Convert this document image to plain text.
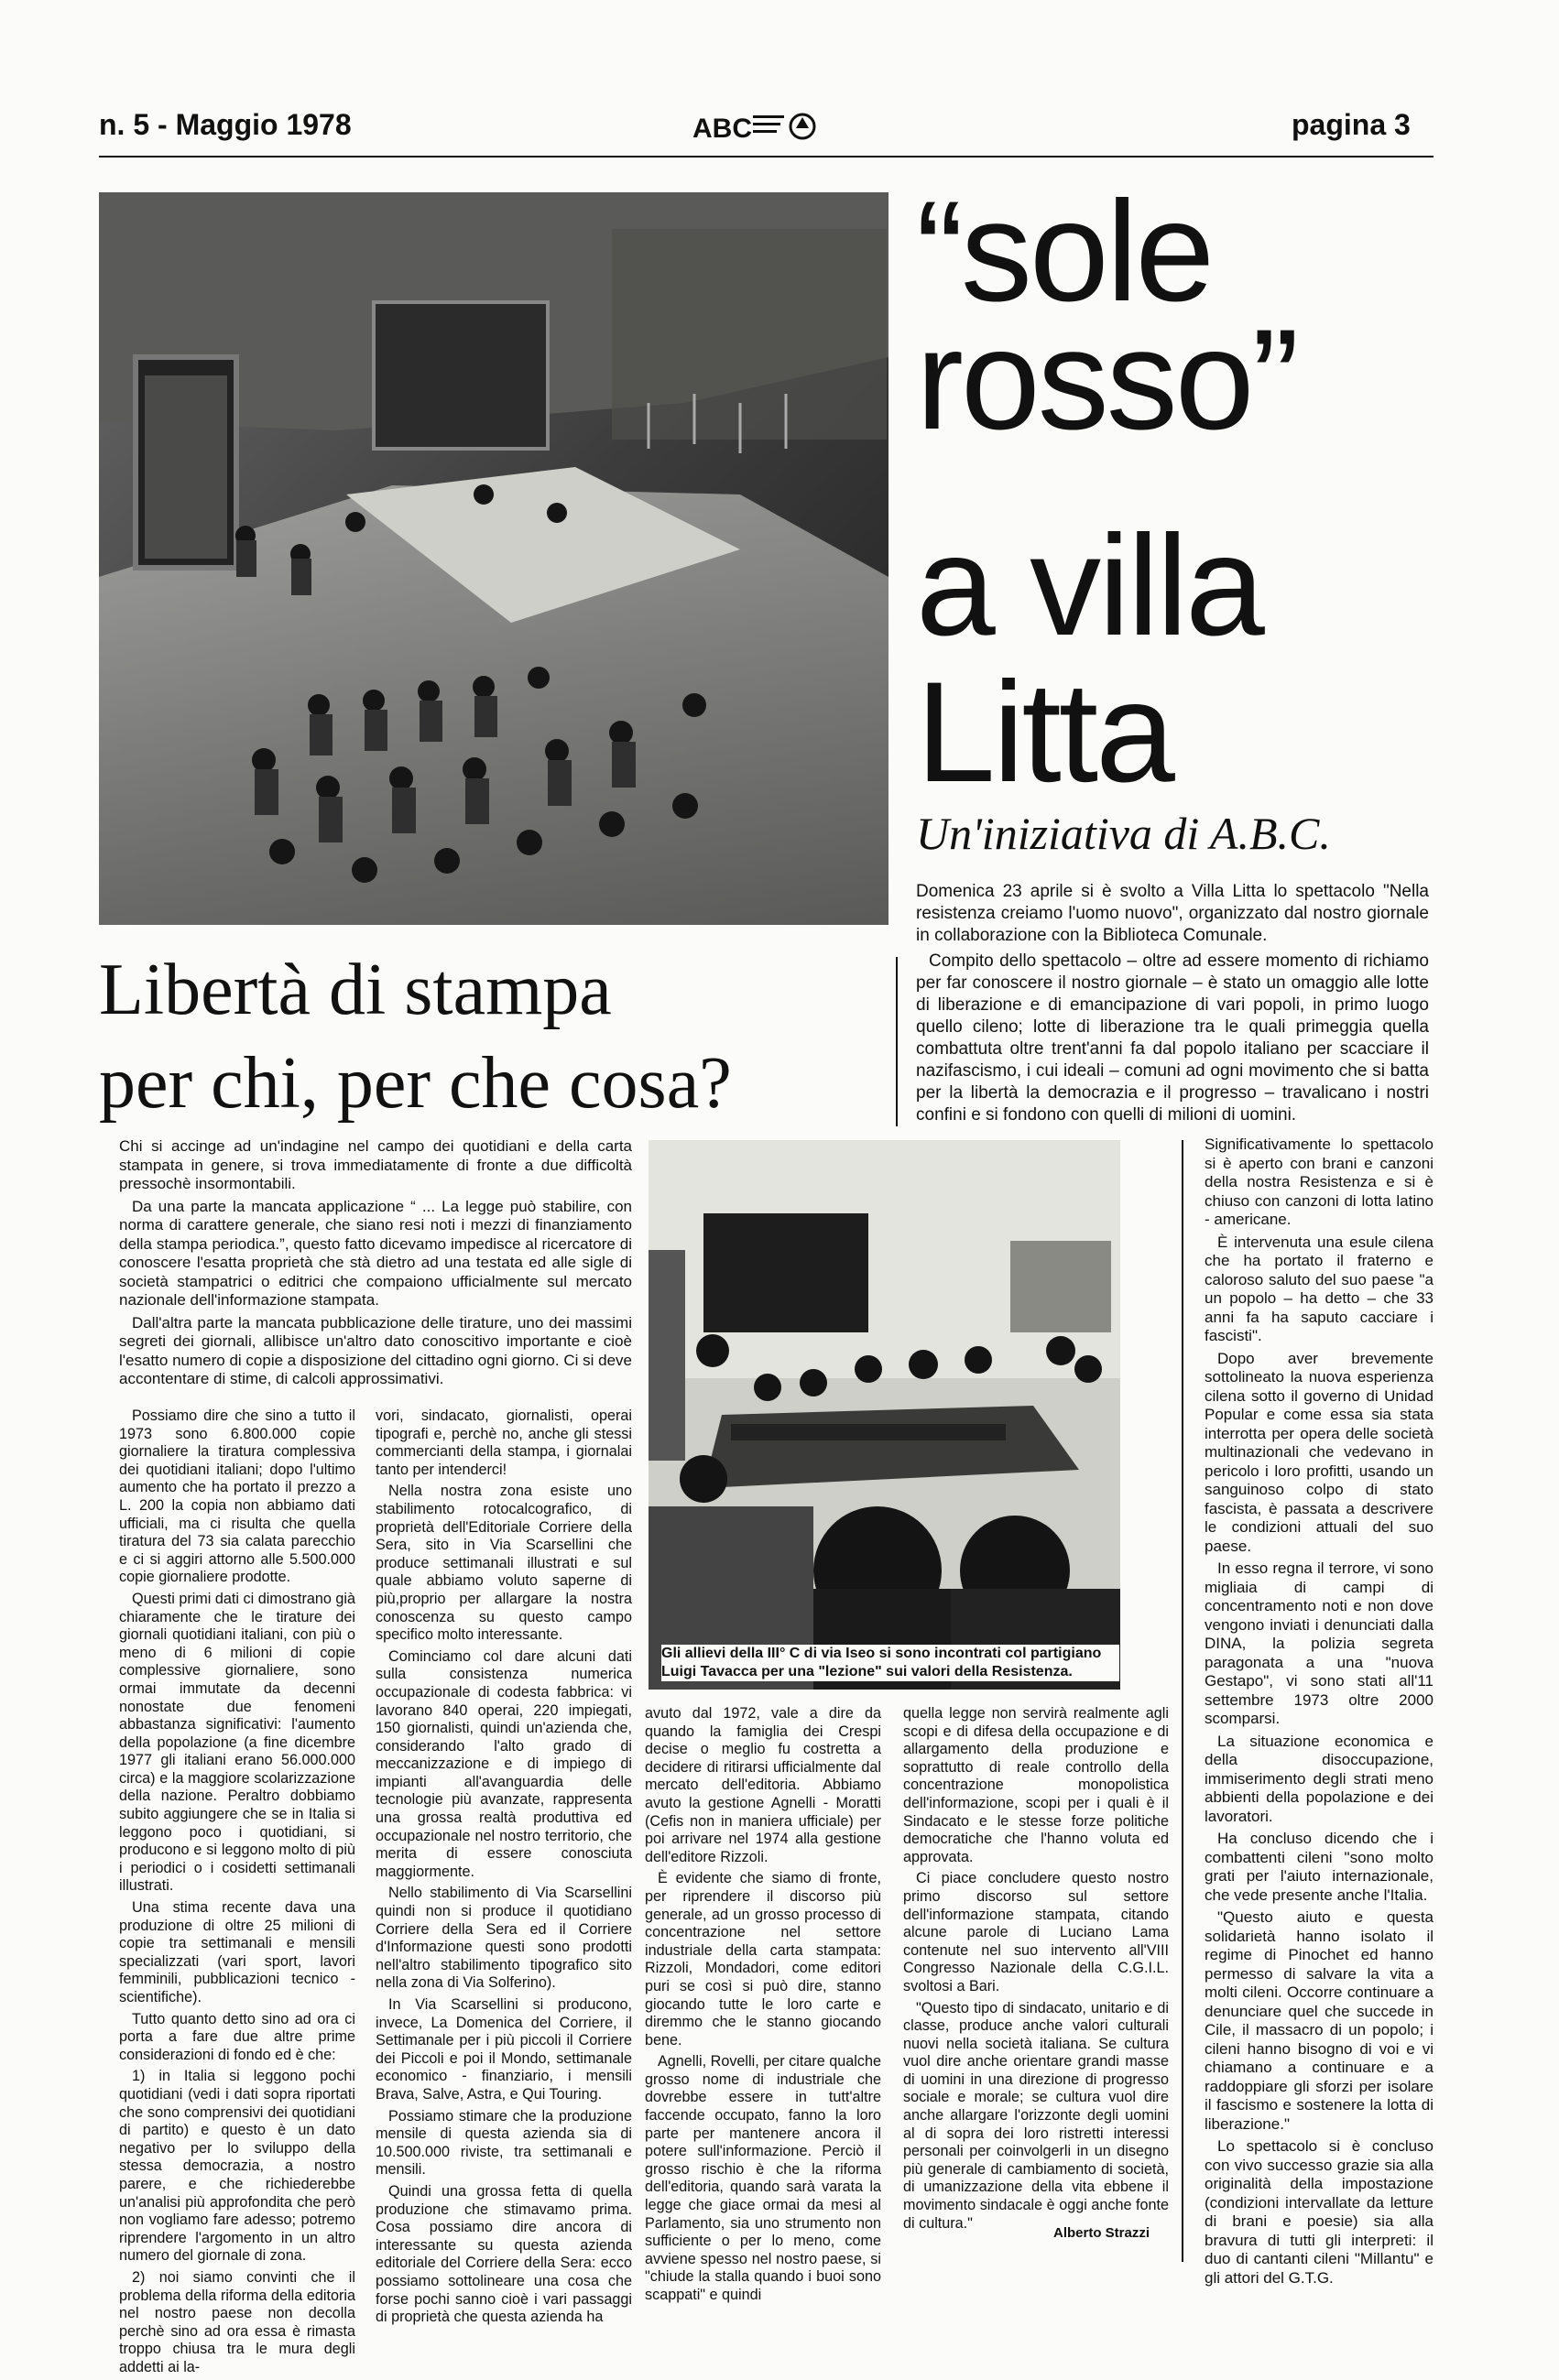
n. 5 - Maggio 1978	pagina 3
ABC
“sole
rosso”
a villa
Litta
Un'iniziativa di A.B.C.

Domenica 23 aprile si è svolto a Villa Litta lo spettacolo "Nella resistenza creiamo l'uomo nuovo", organizzato dal nostro giornale in collaborazione con la Biblioteca Comunale.

Compito dello spettacolo – oltre ad essere momento di richiamo per far conoscere il nostro giornale – è stato un omaggio alle lotte di liberazione e di emancipazione di vari popoli, in primo luogo quello cileno; lotte di liberazione tra le quali primeggia quella combattuta oltre trent'anni fa dal popolo italiano per scacciare il nazifascismo, i cui ideali – comuni ad ogni movimento che si batta per la libertà la democrazia e il progresso – travalicano i nostri confini e si fondono con quelli di milioni di uomini.

Libertà di stampa
per chi, per che cosa?

Chi si accinge ad un'indagine nel campo dei quotidiani e della carta stampata in genere, si trova immediatamente di fronte a due difficoltà pressochè insormontabili.

Da una parte la mancata applicazione “ ... La legge può stabilire, con norma di carattere generale, che siano resi noti i mezzi di finanziamento della stampa periodica.”, questo fatto dicevamo impedisce al ricercatore di conoscere l'esatta proprietà che stà dietro ad una testata ed alle sigle di società stampatrici o editrici che compaiono ufficialmente sul mercato nazionale dell'informazione stampata.

Dall'altra parte la mancata pubblicazione delle tirature, uno dei massimi segreti dei giornali, allibisce un'altro dato conoscitivo importante e cioè l'esatto numero di copie a disposizione del cittadino ogni giorno. Ci si deve accontentare di stime, di calcoli approssimativi.

Gli allievi della III° C di via Iseo si sono incontrati col partigiano
Luigi Tavacca per una "lezione" sui valori della Resistenza.

Possiamo dire che sino a tutto il 1973 sono 6.800.000 copie giornaliere la tiratura complessiva dei quotidiani italiani; dopo l'ultimo aumento che ha portato il prezzo a L. 200 la copia non abbiamo dati ufficiali, ma ci risulta che quella tiratura del 73 sia calata parecchio e ci si aggiri attorno alle 5.500.000 copie giornaliere prodotte.

Questi primi dati ci dimostrano già chiaramente che le tirature dei giornali quotidiani italiani, con più o meno di 6 milioni di copie complessive giornaliere, sono ormai immutate da decenni nonostate due fenomeni abbastanza significativi: l'aumento della popolazione (a fine dicembre 1977 gli italiani erano 56.000.000 circa) e la maggiore scolarizzazione della nazione. Peraltro dobbiamo subito aggiungere che se in Italia si leggono poco i quotidiani, si producono e si leggono molto di più i periodici o i cosidetti settimanali illustrati.

Una stima recente dava una produzione di oltre 25 milioni di copie tra settimanali e mensili specializzati (vari sport, lavori femminili, pubblicazioni tecnico - scientifiche).

Tutto quanto detto sino ad ora ci porta a fare due altre prime considerazioni di fondo ed è che:

1) in Italia si leggono pochi quotidiani (vedi i dati sopra riportati che sono comprensivi dei quotidiani di partito) e questo è un dato negativo per lo sviluppo della stessa democrazia, a nostro parere, e che richiederebbe un'analisi più approfondita che però non vogliamo fare adesso; potremo riprendere l'argomento in un altro numero del giornale di zona.

2) noi siamo convinti che il problema della riforma della editoria nel nostro paese non decolla perchè sino ad ora essa è rimasta troppo chiusa tra le mura degli addetti ai la-

vori, sindacato, giornalisti, operai tipografi e, perchè no, anche gli stessi commercianti della stampa, i giornalai tanto per intenderci!

Nella nostra zona esiste uno stabilimento rotocalcografico, di proprietà dell'Editoriale Corriere della Sera, sito in Via Scarsellini che produce settimanali illustrati e sul quale abbiamo voluto saperne di più,proprio per allargare la nostra conoscenza su questo campo specifico molto interessante.

Cominciamo col dare alcuni dati sulla consistenza numerica occupazionale di codesta fabbrica: vi lavorano 840 operai, 220 impiegati, 150 giornalisti, quindi un'azienda che, considerando l'alto grado di meccanizzazione e di impiego di impianti all'avanguardia delle tecnologie più avanzate, rappresenta una grossa realtà produttiva ed occupazionale nel nostro territorio, che merita di essere conosciuta maggiormente.

Nello stabilimento di Via Scarsellini quindi non si produce il quotidiano Corriere della Sera ed il Corriere d'Informazione questi sono prodotti nell'altro stabilimento tipografico sito nella zona di Via Solferino).

In Via Scarsellini si producono, invece, La Domenica del Corriere, il Settimanale per i più piccoli il Corriere dei Piccoli e poi il Mondo, settimanale economico - finanziario, i mensili Brava, Salve, Astra, e Qui Touring.

Possiamo stimare che la produzione mensile di questa azienda sia di 10.500.000 riviste, tra settimanali e mensili.

Quindi una grossa fetta di quella produzione che stimavamo prima. Cosa possiamo dire ancora di interessante su questa azienda editoriale del Corriere della Sera: ecco possiamo sottolineare una cosa che forse pochi sanno cioè i vari passaggi di proprietà che questa azienda ha

avuto dal 1972, vale a dire da quando la famiglia dei Crespi decise o meglio fu costretta a decidere di ritirarsi ufficialmente dal mercato dell'editoria. Abbiamo avuto la gestione Agnelli - Moratti (Cefis non in maniera ufficiale) per poi arrivare nel 1974 alla gestione dell'editore Rizzoli.

È evidente che siamo di fronte, per riprendere il discorso più generale, ad un grosso processo di concentrazione nel settore industriale della carta stampata: Rizzoli, Mondadori, come editori puri se così si può dire, stanno giocando tutte le loro carte e diremmo che le stanno giocando bene.

Agnelli, Rovelli, per citare qualche grosso nome di industriale che dovrebbe essere in tutt'altre faccende occupato, fanno la loro parte per mantenere ancora il potere sull'informazione. Perciò il grosso rischio è che la riforma dell'editoria, quando sarà varata la legge che giace ormai da mesi al Parlamento, sia uno strumento non sufficiente o per lo meno, come avviene spesso nel nostro paese, si "chiude la stalla quando i buoi sono scappati" e quindi

quella legge non servirà realmente agli scopi e di difesa della occupazione e di allargamento della produzione e soprattutto di reale controllo della concentrazione monopolistica dell'informazione, scopi per i quali è il Sindacato e le stesse forze politiche democratiche che l'hanno voluta ed approvata.

Ci piace concludere questo nostro primo discorso sul settore dell'informazione stampata, citando alcune parole di Luciano Lama contenute nel suo intervento all'VIII Congresso Nazionale della C.G.I.L. svoltosi a Bari.

"Questo tipo di sindacato, unitario e di classe, produce anche valori culturali nuovi nella società italiana. Se cultura vuol dire anche orientare grandi masse di uomini in una direzione di progresso sociale e morale; se cultura vuol dire anche allargare l'orizzonte degli uomini al di sopra dei loro ristretti interessi personali per coinvolgerli in un disegno più generale di cambiamento di società, di umanizzazione della vita ebbene il movimento sindacale è oggi anche fonte di cultura."

Alberto Strazzi

Significativamente lo spettacolo si è aperto con brani e canzoni della nostra Resistenza e si è chiuso con canzoni di lotta latino - americane.

È intervenuta una esule cilena che ha portato il fraterno e caloroso saluto del suo paese "a un popolo – ha detto – che 33 anni fa ha saputo cacciare i fascisti".

Dopo aver brevemente sottolineato la nuova esperienza cilena sotto il governo di Unidad Popular e come essa sia stata interrotta per opera delle società multinazionali che vedevano in pericolo i loro profitti, usando un sanguinoso colpo di stato fascista, è passata a descrivere le condizioni attuali del suo paese.

In esso regna il terrore, vi sono migliaia di campi di concentramento noti e non dove vengono inviati i denunciati dalla DINA, la polizia segreta paragonata a una "nuova Gestapo", vi sono stati all'11 settembre 1973 oltre 2000 scomparsi.

La situazione economica e della disoccupazione, immiserimento degli strati meno abbienti della popolazione e dei lavoratori.

Ha concluso dicendo che i combattenti cileni "sono molto grati per l'aiuto internazionale, che vede presente anche l'Italia.

"Questo aiuto e questa solidarietà hanno isolato il regime di Pinochet ed hanno permesso di salvare la vita a molti cileni. Occorre continuare a denunciare quel che succede in Cile, il massacro di un popolo; i cileni hanno bisogno di voi e vi chiamano a continuare e a raddoppiare gli sforzi per isolare il fascismo e sostenere la lotta di liberazione."

Lo spettacolo si è concluso con vivo successo grazie sia alla originalità della impostazione (condizioni intervallate da letture di brani e poesie) sia alla bravura di tutti gli interpreti: il duo di cantanti cileni "Millantu" e gli attori del G.T.G.
